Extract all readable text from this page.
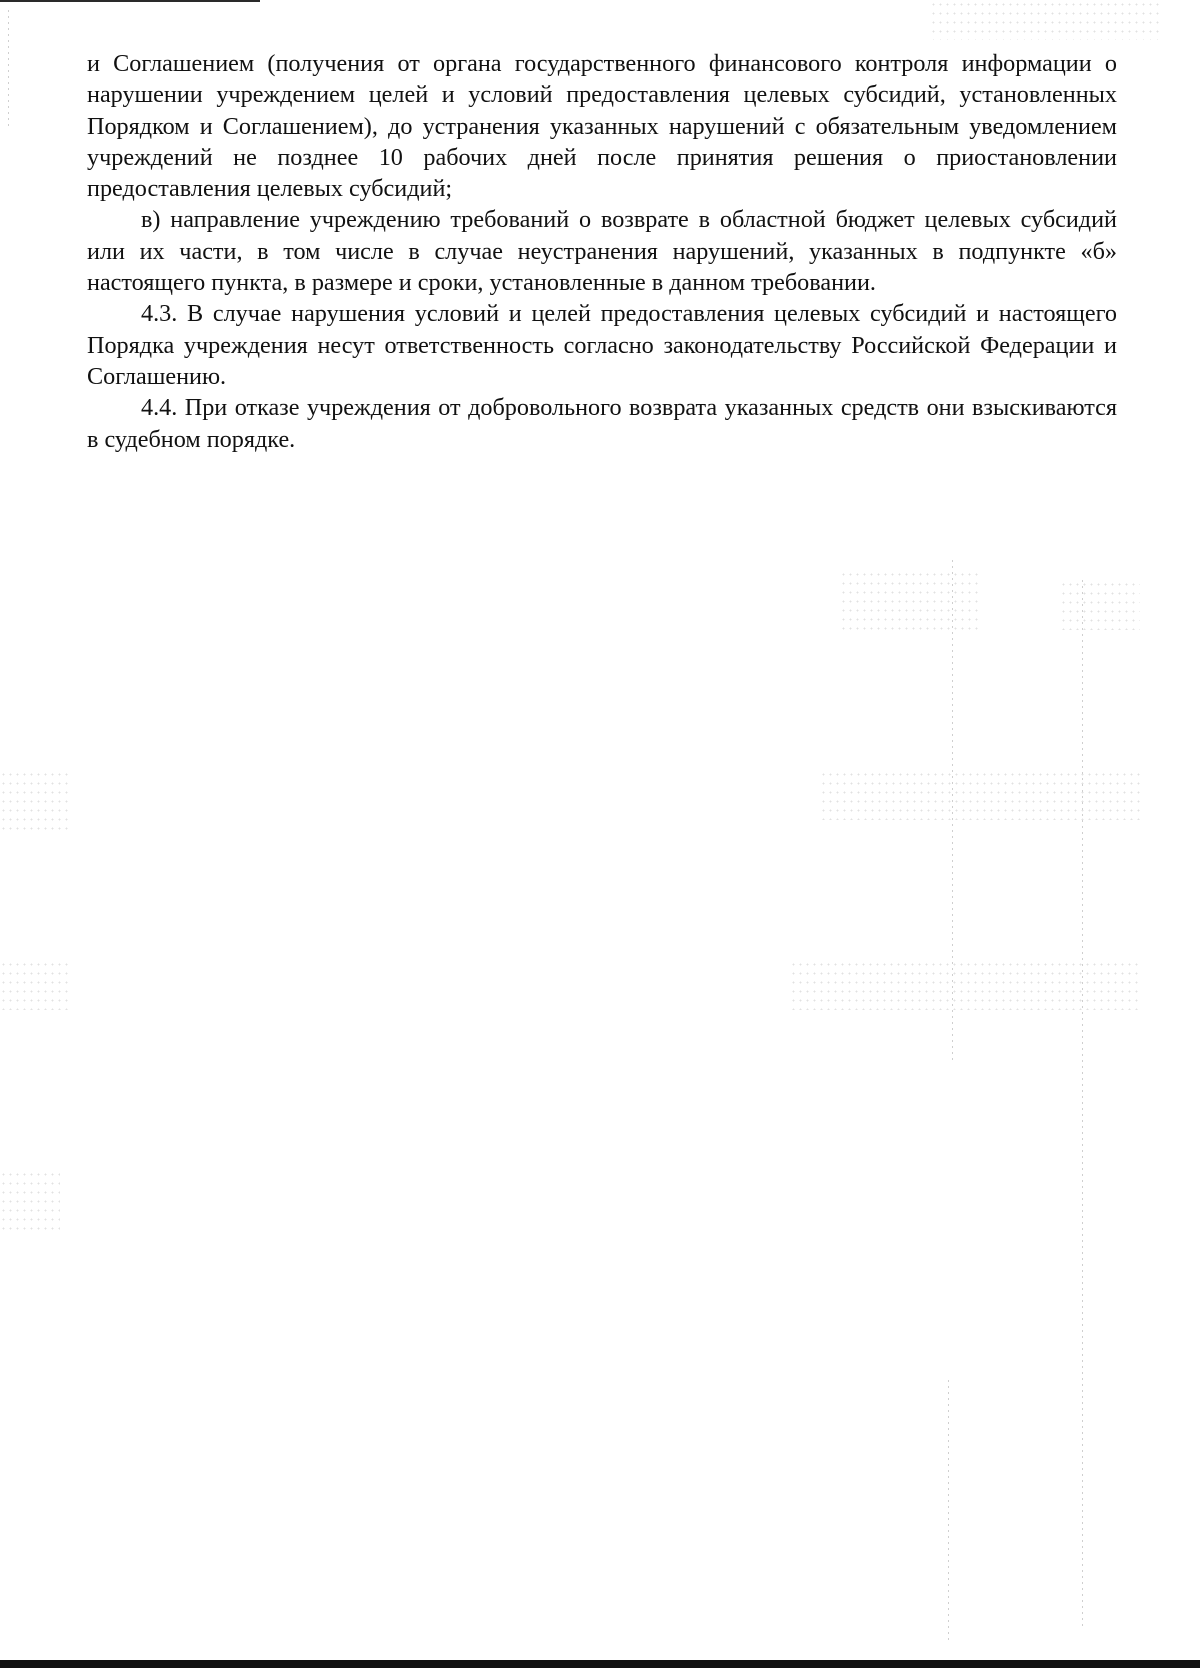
и Соглашением (получения от органа государственного финансового контроля информации о нарушении учреждением целей и условий предоставления целевых субсидий, установленных Порядком и Соглашением), до устранения указанных нарушений с обязательным уведомлением учреждений не позднее 10 рабочих дней после принятия решения о приостановлении предоставления целевых субсидий;

в) направление учреждению требований о возврате в областной бюджет целевых субсидий или их части, в том числе в случае неустранения нарушений, указанных в подпункте «б» настоящего пункта, в размере и сроки, установленные в данном требовании.

4.3. В случае нарушения условий и целей предоставления целевых субсидий и настоящего Порядка учреждения несут ответственность согласно законодательству Российской Федерации и Соглашению.

4.4. При отказе учреждения от добровольного возврата указанных средств они взыскиваются в судебном порядке.
